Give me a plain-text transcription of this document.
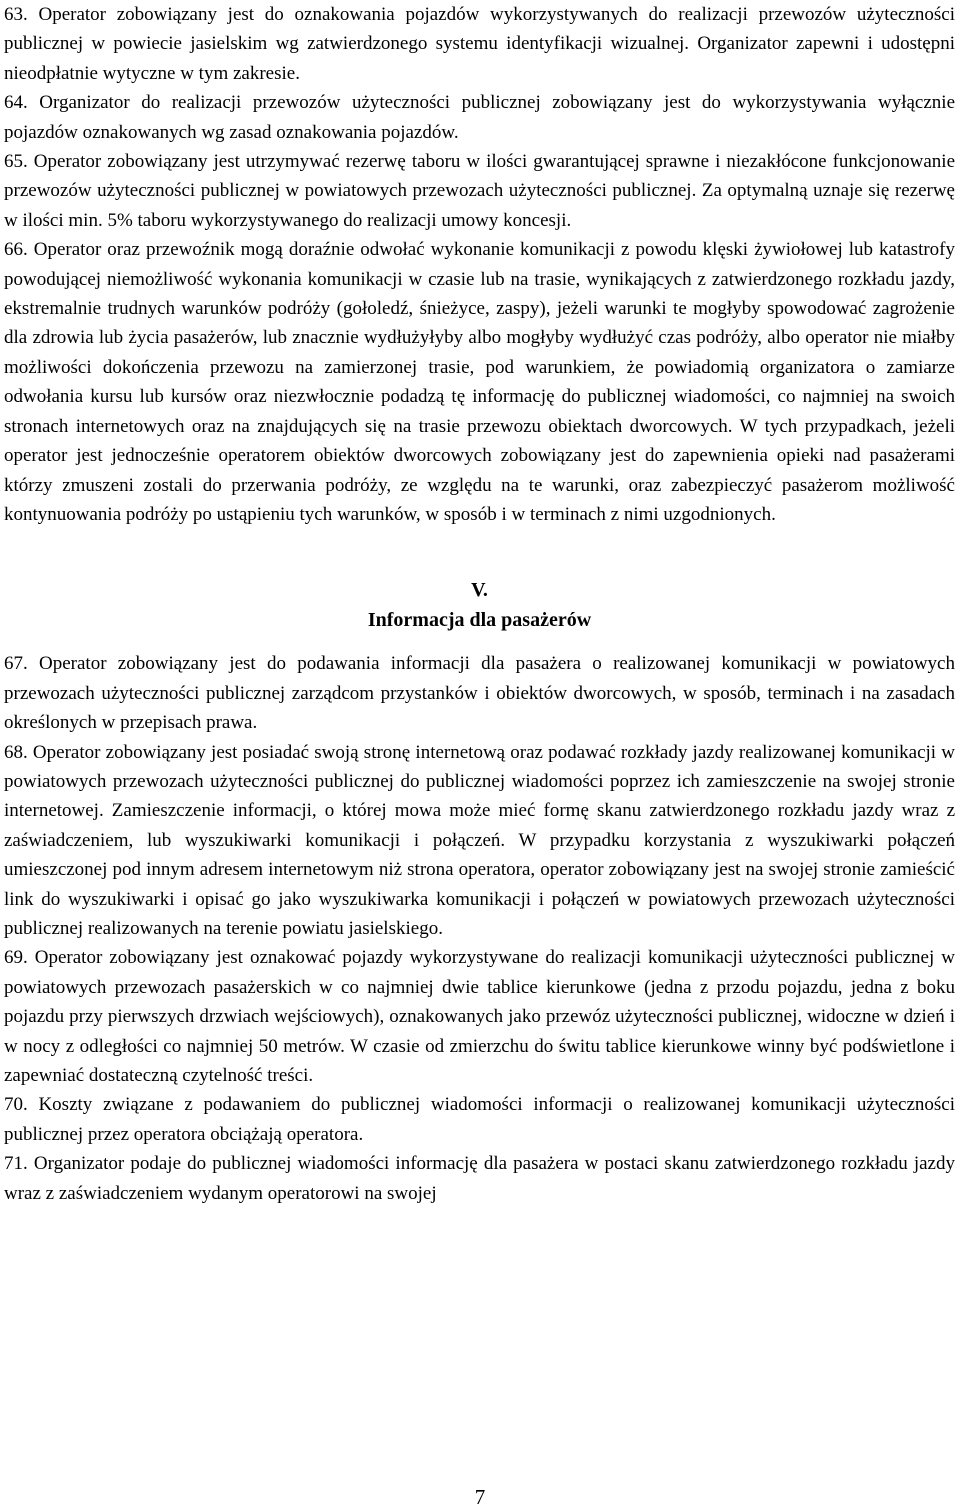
63. Operator zobowiązany jest do oznakowania pojazdów wykorzystywanych do realizacji przewozów użyteczności publicznej w powiecie jasielskim wg zatwierdzonego systemu identyfikacji wizualnej. Organizator zapewni i udostępni nieodpłatnie wytyczne w tym zakresie.

64. Organizator do realizacji przewozów użyteczności publicznej zobowiązany jest do wykorzystywania wyłącznie pojazdów oznakowanych wg zasad oznakowania pojazdów.

65. Operator zobowiązany jest utrzymywać rezerwę taboru w ilości gwarantującej sprawne i niezakłócone funkcjonowanie przewozów użyteczności publicznej w powiatowych przewozach użyteczności publicznej. Za optymalną uznaje się rezerwę w ilości min. 5% taboru wykorzystywanego do realizacji umowy koncesji.

66. Operator oraz przewoźnik mogą doraźnie odwołać wykonanie komunikacji z powodu klęski żywiołowej lub katastrofy powodującej niemożliwość wykonania komunikacji w czasie lub na trasie, wynikających z zatwierdzonego rozkładu jazdy, ekstremalnie trudnych warunków podróży (gołoledź, śnieżyce, zaspy), jeżeli warunki te mogłyby spowodować zagrożenie dla zdrowia lub życia pasażerów, lub znacznie wydłużyłyby albo mogłyby wydłużyć czas podróży, albo operator nie miałby możliwości dokończenia przewozu na zamierzonej trasie, pod warunkiem, że powiadomią organizatora o zamiarze odwołania kursu lub kursów oraz niezwłocznie podadzą tę informację do publicznej wiadomości, co najmniej na swoich stronach internetowych oraz na znajdujących się na trasie przewozu obiektach dworcowych. W tych przypadkach, jeżeli operator jest jednocześnie operatorem obiektów dworcowych zobowiązany jest do zapewnienia opieki nad pasażerami którzy zmuszeni zostali do przerwania podróży, ze względu na te warunki, oraz zabezpieczyć pasażerom możliwość kontynuowania podróży po ustąpieniu tych warunków, w sposób i w terminach z nimi uzgodnionych.

V.

Informacja dla pasażerów

67. Operator zobowiązany jest do podawania informacji dla pasażera o realizowanej komunikacji w powiatowych przewozach użyteczności publicznej zarządcom przystanków i obiektów dworcowych, w sposób, terminach i na zasadach określonych w przepisach prawa.

68. Operator zobowiązany jest posiadać swoją stronę internetową oraz podawać rozkłady jazdy realizowanej komunikacji w powiatowych przewozach użyteczności publicznej do publicznej wiadomości poprzez ich zamieszczenie na swojej stronie internetowej. Zamieszczenie informacji, o której mowa może mieć formę skanu zatwierdzonego rozkładu jazdy wraz z zaświadczeniem, lub wyszukiwarki komunikacji i połączeń. W przypadku korzystania z wyszukiwarki połączeń umieszczonej pod innym adresem internetowym niż strona operatora, operator zobowiązany jest na swojej stronie zamieścić link do wyszukiwarki i opisać go jako wyszukiwarka komunikacji i połączeń w powiatowych przewozach użyteczności publicznej realizowanych na terenie powiatu jasielskiego.

69. Operator zobowiązany jest oznakować pojazdy wykorzystywane do realizacji komunikacji użyteczności publicznej w powiatowych przewozach pasażerskich w co najmniej dwie tablice kierunkowe (jedna z przodu pojazdu, jedna z boku pojazdu przy pierwszych drzwiach wejściowych), oznakowanych jako przewóz użyteczności publicznej, widoczne w dzień i w nocy z odległości co najmniej 50 metrów. W czasie od zmierzchu do świtu tablice kierunkowe winny być podświetlone i zapewniać dostateczną czytelność treści.

70. Koszty związane z podawaniem do publicznej wiadomości informacji o realizowanej komunikacji użyteczności publicznej przez operatora obciążają operatora.

71. Organizator podaje do publicznej wiadomości informację dla pasażera w postaci skanu zatwierdzonego rozkładu jazdy wraz z zaświadczeniem wydanym operatorowi na swojej

7
